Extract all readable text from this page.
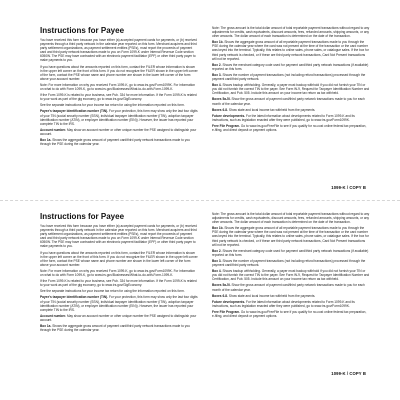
Instructions for Payee

You have received this form because you have either (a) accepted payment cards for payments, or (b) received payments through a third party network in the calendar year reported on this form. Merchant acquirers and third party settlement organizations, as payment settlement entities (PSEs), must report the proceeds of payment card and third party network transactions made to you on Form 1099-K under Internal Revenue Code section 6050W. The PSE may have contracted with an electronic payment facilitator (EPF) or other third party payer to make payments to you.

If you have questions about the amounts reported on this form, contact the FILER whose information is shown in the upper left corner on the front of this form. If you do not recognize the FILER shown in the upper left corner of the form, contact the PSE whose name and phone number are shown in the lower left corner of the form above your account number.

Note: For more information on why you received Form 1099-K, go to www.irs.gov/Form1099K. For information on what to do with Form 1099-K, go to www.irs.gov/Businesses/What-to-do-with-Form-1099-K.

If the Form 1099-K is related to your business, see Pub. 334 for more information. If the Form 1099-K is related to your work as part of the gig economy, go to www.irs.gov/GigEconomy.

See the separate instructions for your income tax return for using the information reported on this form.

Payee's taxpayer identification number (TIN). For your protection, this form may show only the last four digits of your TIN (social security number (SSN), individual taxpayer identification number (ITIN), adoption taxpayer identification number (ATIN), or employer identification number (EIN)). However, the issuer has reported your complete TIN to the IRS.

Account number. May show an account number or other unique number the PSE assigned to distinguish your account.

Box 1a. Shows the aggregate gross amount of payment card/third party network transactions made to you through the PSE during the calendar year.

Note: The gross amount is the total dollar amount of total reportable payment transactions without regard to any adjustments for credits, cash equivalents, discount amounts, fees, refunded amounts, shipping amounts, or any other amounts. The dollar amount of each transaction is determined on the date of the transaction.

Box 1b. Shows the aggregate gross amount of all reportable payment transactions made to you through the PSE during the calendar year where the card was not present at the time of the transaction or the card number was keyed into the terminal. Typically, this relates to online sales, phone sales, or catalogue sales. If the box for third party network is checked, or if these are third party network transactions, Card Not Present transactions will not be reported.

Box 2. Shows the merchant category code used for payment card/third party network transactions (if available) reported on this form.

Box 3. Shows the number of payment transactions (not including refund transactions) processed through the payment card/third party network.

Box 4. Shows backup withholding. Generally, a payer must backup withhold if you did not furnish your TIN or you did not furnish the correct TIN to the payer. See Form W-9, Request for Taxpayer Identification Number and Certification, and Pub. 505. Include this amount on your income tax return as tax withheld.

Boxes 5a-5l. Show the gross amount of payment card/third party network transactions made to you for each month of the calendar year.

Boxes 6-8. Show state and local income tax withheld from the payments.

Future developments. For the latest information about developments related to Form 1099-K and its instructions, such as legislation enacted after they were published, go to www.irs.gov/Form1099K.

Free File Program. Go to www.irs.gov/FreeFile to see if you qualify for no-cost online federal tax preparation, e-filing, and direct deposit or payment options.

1099-K / COPY B
Instructions for Payee

You have received this form because you have either (a) accepted payment cards for payments, or (b) received payments through a third party network in the calendar year reported on this form. Merchant acquirers and third party settlement organizations, as payment settlement entities (PSEs), must report the proceeds of payment card and third party network transactions made to you on Form 1099-K under Internal Revenue Code section 6050W. The PSE may have contracted with an electronic payment facilitator (EPF) or other third party payer to make payments to you.

If you have questions about the amounts reported on this form, contact the FILER whose information is shown in the upper left corner on the front of this form. If you do not recognize the FILER shown in the upper left corner of the form, contact the PSE whose name and phone number are shown in the lower left corner of the form above your account number.

Note: For more information on why you received Form 1099-K, go to www.irs.gov/Form1099K. For information on what to do with Form 1099-K, go to www.irs.gov/Businesses/What-to-do-with-Form-1099-K.

If the Form 1099-K is related to your business, see Pub. 334 for more information. If the Form 1099-K is related to your work as part of the gig economy, go to www.irs.gov/GigEconomy.

See the separate instructions for your income tax return for using the information reported on this form.

Payee's taxpayer identification number (TIN). For your protection, this form may show only the last four digits of your TIN (social security number (SSN), individual taxpayer identification number (ITIN), adoption taxpayer identification number (ATIN), or employer identification number (EIN)). However, the issuer has reported your complete TIN to the IRS.

Account number. May show an account number or other unique number the PSE assigned to distinguish your account.

Box 1a. Shows the aggregate gross amount of payment card/third party network transactions made to you through the PSE during the calendar year.

Note: The gross amount is the total dollar amount of total reportable payment transactions without regard to any adjustments for credits, cash equivalents, discount amounts, fees, refunded amounts, shipping amounts, or any other amounts. The dollar amount of each transaction is determined on the date of the transaction.

Box 1b. Shows the aggregate gross amount of all reportable payment transactions made to you through the PSE during the calendar year where the card was not present at the time of the transaction or the card number was keyed into the terminal. Typically, this relates to online sales, phone sales, or catalogue sales. If the box for third party network is checked, or if these are third party network transactions, Card Not Present transactions will not be reported.

Box 2. Shows the merchant category code used for payment card/third party network transactions (if available) reported on this form.

Box 3. Shows the number of payment transactions (not including refund transactions) processed through the payment card/third party network.

Box 4. Shows backup withholding. Generally, a payer must backup withhold if you did not furnish your TIN or you did not furnish the correct TIN to the payer. See Form W-9, Request for Taxpayer Identification Number and Certification, and Pub. 505. Include this amount on your income tax return as tax withheld.

Boxes 5a-5l. Show the gross amount of payment card/third party network transactions made to you for each month of the calendar year.

Boxes 6-8. Show state and local income tax withheld from the payments.

Future developments. For the latest information about developments related to Form 1099-K and its instructions, such as legislation enacted after they were published, go to www.irs.gov/Form1099K.

Free File Program. Go to www.irs.gov/FreeFile to see if you qualify for no-cost online federal tax preparation, e-filing, and direct deposit or payment options.

1099-K / COPY B
